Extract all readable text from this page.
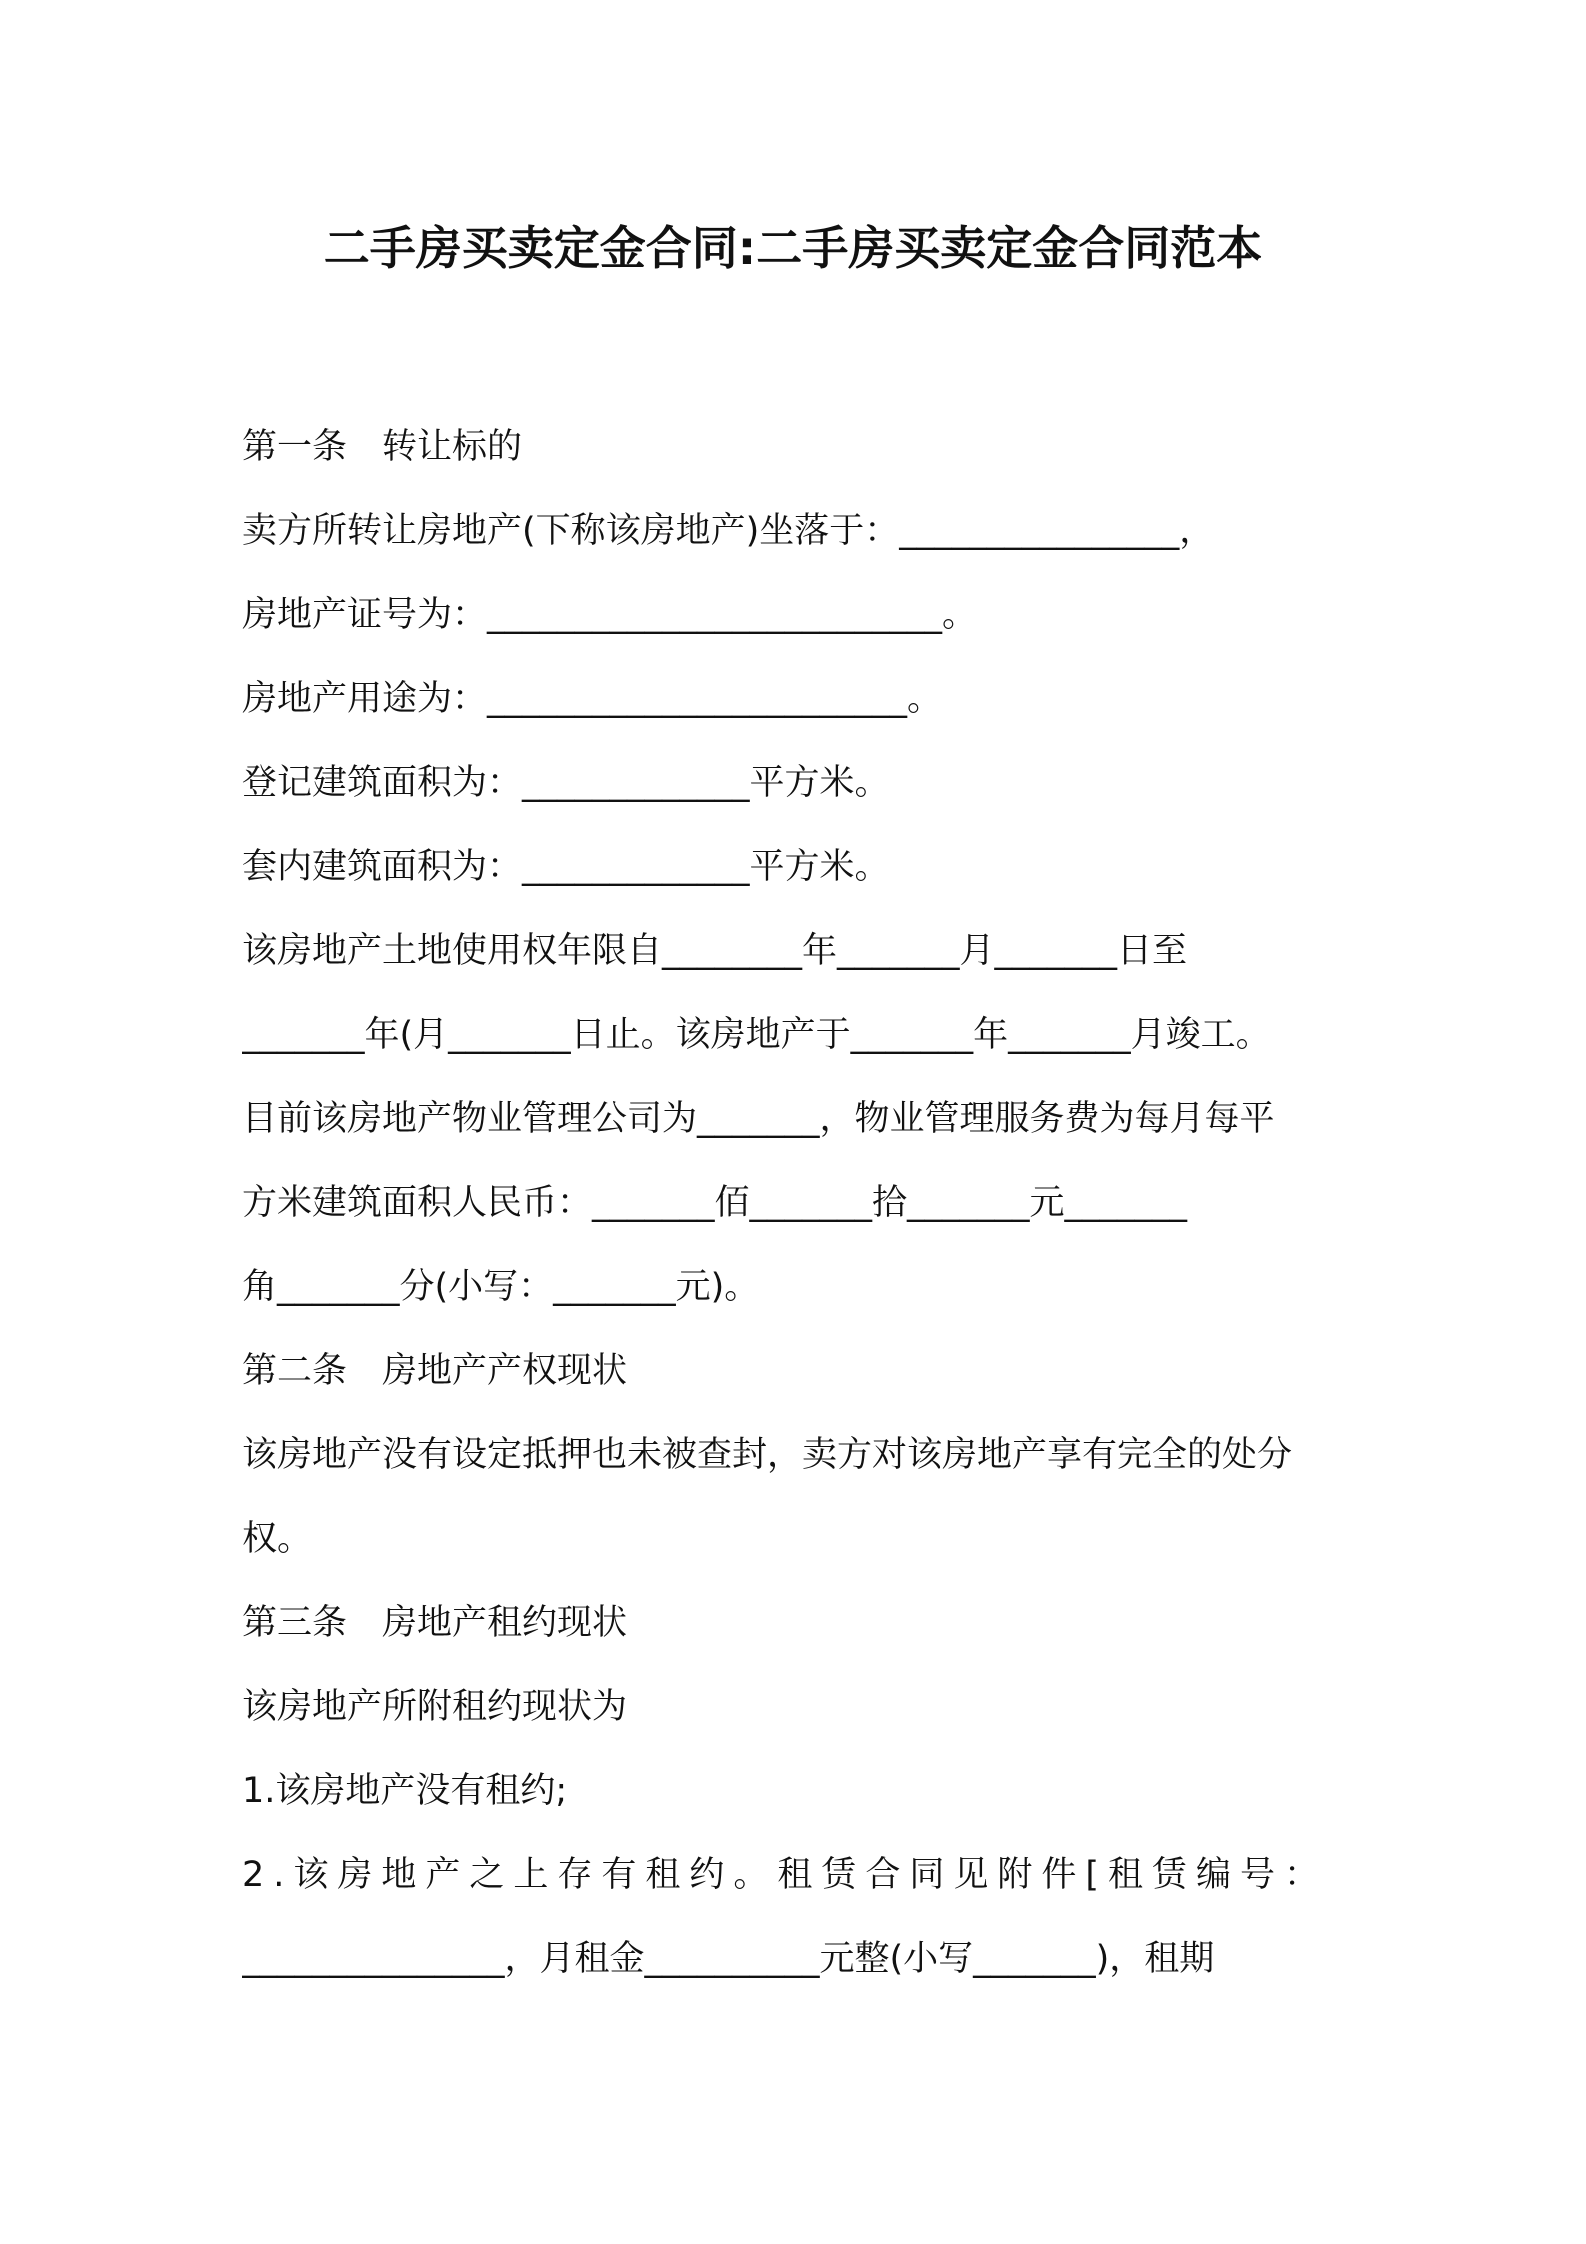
二手房买卖定金合同:二手房买卖定金合同范本
第一条　转让标的
卖方所转让房地产(下称该房地产)坐落于：________________，
房地产证号为：__________________________。
房地产用途为：________________________。
登记建筑面积为：_____________平方米。
套内建筑面积为：_____________平方米。
该房地产土地使用权年限自________年_______月_______日至
_______年(月_______日止。该房地产于_______年_______月竣工。
目前该房地产物业管理公司为_______，物业管理服务费为每月每平
方米建筑面积人民币：_______佰_______拾_______元_______
角_______分(小写：_______元)。
第二条　房地产产权现状
该房地产没有设定抵押也未被查封，卖方对该房地产享有完全的处分
权。
第三条　房地产租约现状
该房地产所附租约现状为
1.该房地产没有租约;
2.该房地产之上存有租约。租赁合同见附件[租赁编号：
_______________，月租金__________元整(小写_______)，租期
